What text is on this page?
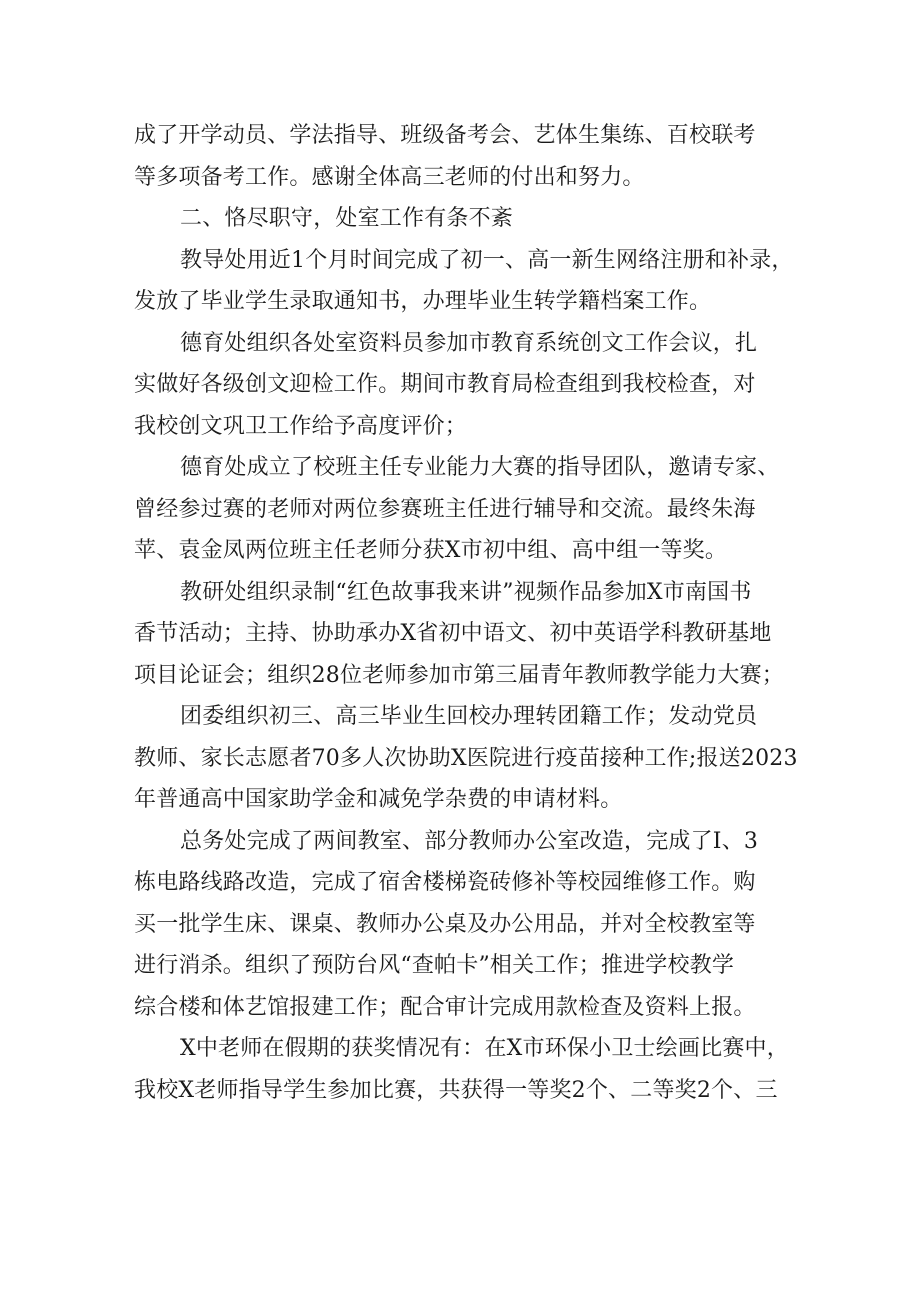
成了开学动员、学法指导、班级备考会、艺体生集练、百校联考
等多项备考工作。感谢全体高三老师的付出和努力。
二、恪尽职守，处室工作有条不紊
教导处用近1个月时间完成了初一、高一新生网络注册和补录，
发放了毕业学生录取通知书，办理毕业生转学籍档案工作。
德育处组织各处室资料员参加市教育系统创文工作会议，扎
实做好各级创文迎检工作。期间市教育局检查组到我校检查，对
我校创文巩卫工作给予高度评价；
德育处成立了校班主任专业能力大赛的指导团队，邀请专家、
曾经参过赛的老师对两位参赛班主任进行辅导和交流。最终朱海
苹、袁金凤两位班主任老师分获X市初中组、高中组一等奖。
教研处组织录制“红色故事我来讲”视频作品参加X市南国书
香节活动；主持、协助承办X省初中语文、初中英语学科教研基地
项目论证会；组织28位老师参加市第三届青年教师教学能力大赛；
团委组织初三、高三毕业生回校办理转团籍工作；发动党员
教师、家长志愿者70多人次协助X医院进行疫苗接种工作;报送2023
年普通高中国家助学金和减免学杂费的申请材料。
总务处完成了两间教室、部分教师办公室改造，完成了I、3
栋电路线路改造，完成了宿舍楼梯瓷砖修补等校园维修工作。购
买一批学生床、课桌、教师办公桌及办公用品，并对全校教室等
进行消杀。组织了预防台风“查帕卡”相关工作；推进学校教学
综合楼和体艺馆报建工作；配合审计完成用款检查及资料上报。
X中老师在假期的获奖情况有：在X市环保小卫士绘画比赛中，
我校X老师指导学生参加比赛，共获得一等奖2个、二等奖2个、三
